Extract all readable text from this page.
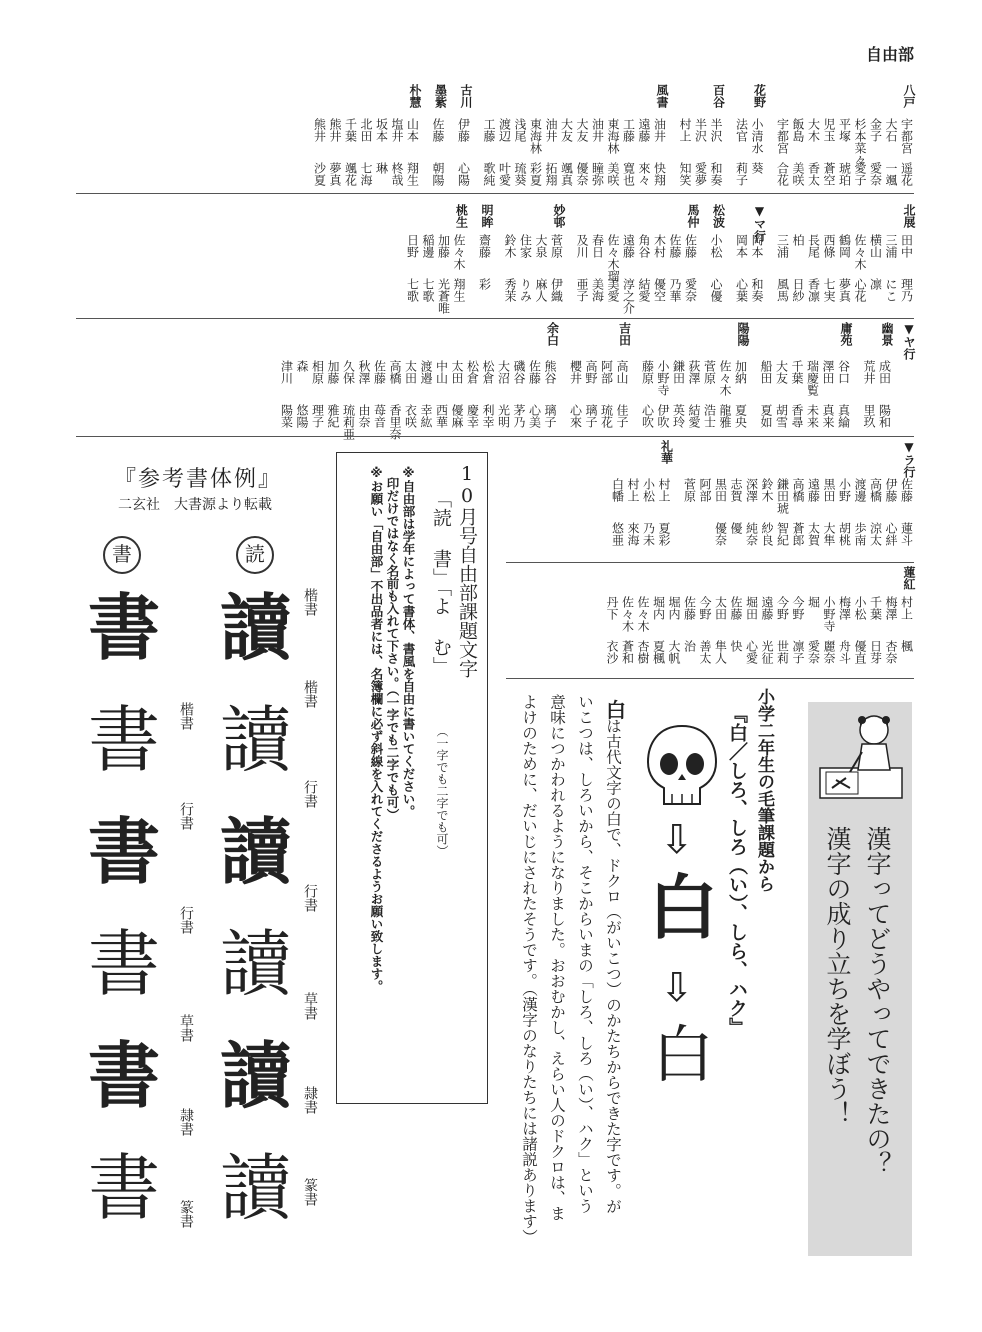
自由部
八戸
宇都宮
遥花
大石
一颯
金子
愛奈
杉本菜々
愛子
平塚
琥珀
児玉
蒼空
大木
香太
飯島
美咲
宇都宮
合花
花野
小清水
葵
法官
莉子
百谷
半沢
和奏
半沢
愛夢
村上
知笑
風書
油井
快翔
遠藤
來々
工藤
寛也
東海林
美咲
油井
瞳弥
大友
優奈
大友
颯真
油井
拓翔
東海林
彩夏
浅尾
琉葵
渡辺
叶愛
工藤
歌純
古川
伊藤
心陽
墨紫
佐藤
朝陽
朴慧
山本
翔生
塩井
柊哉
坂本
琳
北田
七海
千葉
颯花
熊井
夢真
熊井
沙夏
北展
田中
理乃
三浦
にこ
横山
凛
佐々木
心花
鶴岡
夢真
西條
七実
長尾
香凛
柏
日紗
三浦
風馬
▼マ行
岡本
和奏
岡本
心葉
松波
小松
心優
馬仲
佐藤
愛奈
佐藤
乃華
木村
優空
角谷
結愛
遠藤
淳之介
佐々木瑠
美愛
春日
美海
及川
亜子
妙邨
菅原
伊織
大泉
麻人
住家
りみ
鈴木
秀茉
明眸
齋藤
彩
桃生
佐々木
翔生
加藤
光蒼唯
稲邊
七歌
日野
七歌
▼ヤ行
幽景
成田
陽和
荒井
里玖
庸苑
谷口
真綸
澤田
真来
瑞慶覧
未来
千葉
香尋
大友
胡雪
船田
夏如
陽陽
加納
夏央
佐々木
龍雅
菅原
浩士
荻澤
結愛
鎌田
英玲
小野寺
伊吹
藤原
心吹
吉田
高山
佳子
阿部
琉花
高野
璃子
櫻井
心來
余白
熊谷
璃子
佐藤
心美
磯谷
茅乃
大沼
光明
松倉
利幸
松倉
慶幸
太田
優麻
中山
西華
渡邉
幸紘
太田
衣咲
高橋
香里奈
佐藤
苺音
秋澤
由奈
久保
琉莉亜
加藤
雅紀
相原
理子
森
悠陽
津川
陽菜
▼ラ行
佐藤
蓮斗
伊藤
心絆
高橋
涼太
渡邊
歩南
小野
胡桃
黒田
大隼
遠藤
太賀
高橋
蒼郎
鎌田琥
智紀
鈴木
紗良
深澤
純奈
志賀
優
黒田
優奈
阿部
菅原
礼華
村上
夏彩
小松
乃未
村上
來海
白幡
悠亜
蓮紅
村上
楓
梅澤
杏奈
千葉
日芽
小松
優直
梅澤
舟斗
小野寺
麗奈
堀
愛奈
今野
凛子
今野
世莉
遠藤
光征
堀田
心愛
佐藤
快
太田
隼人
今野
善太
佐藤
治
堀内
大帆
堀内
夏楓
佐々木
杏樹
佐々木
蒼和
丹下
衣沙
10月号自由部課題文字
「読 書」「よ む」
（一字でも二字でも可）
※自由部は学年によって書体、書風を自由に書いてください。
印だけではなく名前も入れて下さい。（一字でも二字でも可）
※お願い「自由部」不出品者には、名簿欄に必ず斜線を入れてくださるようお願い致します。
『参考書体例』
二玄社　大書源より転載
書	読
讀
讀
讀
讀
讀
讀
書
書
書
書
書
書
楷書
楷書
楷書
行書
行書
行書
行書
草書
草書
隷書
隷書
篆書
篆書
小学二年生の毛筆課題から
『白／しろ、しろ（い）、しら、ハク』
⇩
白
⇩
白
白
は古代文字の白で、ドクロ（がいこつ）のかたちからできた字です。が
いこつは、しろいから、そこからいまの「しろ、しろ（い）、ハク」という
意味につかわれるようになりました。おおむかし、えらい人のドクロは、ま
よけのために、だいじにされたそうです。（漢字のなりたちには諸説あります）	漢字ってどうやってできたの？
漢字の成り立ちを学ぼう！
